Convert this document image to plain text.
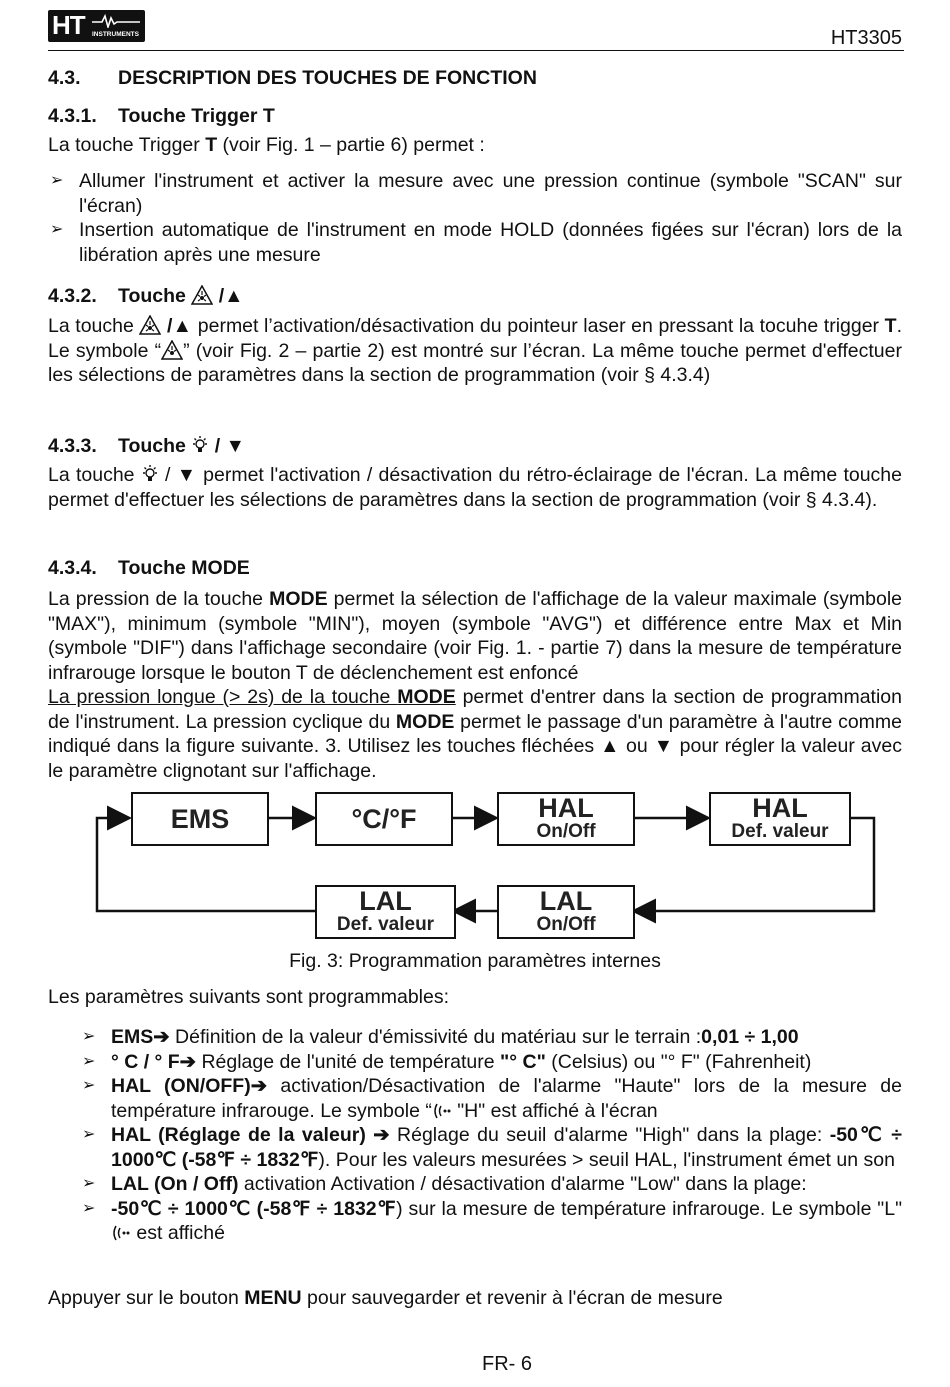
HT INSTRUMENTS	HT3305
4.3. DESCRIPTION DES TOUCHES DE FONCTION
4.3.1. Touche Trigger T

La touche Trigger T (voir Fig. 1 – partie 6) permet :

➢ Allumer l'instrument et activer la mesure avec une pression continue (symbole "SCAN" sur l'écran)
➢ Insertion automatique de l'instrument en mode HOLD (données figées sur l'écran) lors de la libération après une mesure
4.3.2. Touche  /▲

La touche  /▲ permet l’activation/désactivation du pointeur laser en pressant la tocuhe trigger T. Le symbole “ ” (voir Fig. 2 – partie 2) est montré sur l’écran. La même touche permet d'effectuer les sélections de paramètres dans la section de programmation (voir § 4.3.4)

4.3.3. Touche  / ▼

La touche  / ▼ permet l'activation / désactivation du rétro-éclairage de l'écran. La même touche permet d'effectuer les sélections de paramètres dans la section de programmation (voir § 4.3.4).

4.3.4. Touche MODE

La pression de la touche MODE permet la sélection de l'affichage de la valeur maximale (symbole "MAX"), minimum (symbole "MIN"), moyen (symbole "AVG") et différence entre Max et Min (symbole "DIF") dans l'affichage secondaire (voir Fig. 1. - partie 7) dans la mesure de température infrarouge lorsque le bouton T de déclenchement est enfoncé
La pression longue (> 2s) de la touche MODE permet d'entrer dans la section de programmation de l'instrument. La pression cyclique du MODE permet le passage d'un paramètre à l'autre comme indiqué dans la figure suivante. 3. Utilisez les touches fléchées ▲ ou ▼ pour régler la valeur avec le paramètre clignotant sur l'affichage.

EMS	°C/°F	HAL
On/Off
HAL
Def. valeur
LAL
On/Off
LAL
Def. valeur
Fig. 3: Programmation paramètres internes

Les paramètres suivants sont programmables:

➢ EMS➔ Définition de la valeur d'émissivité du matériau sur le terrain :0,01 ÷ 1,00
➢ ° C / ° F➔ Réglage de l'unité de température "° C" (Celsius) ou "° F" (Fahrenheit)
➢ HAL (ON/OFF)➔ activation/Désactivation de l'alarme "Haute" lors de la mesure de température infrarouge. Le symbole “ "H" est affiché à l'écran
➢ HAL (Réglage de la valeur) ➔ Réglage du seuil d'alarme "High" dans la plage: -50℃ ÷ 1000℃ (-58℉ ÷ 1832℉). Pour les valeurs mesurées > seuil HAL, l'instrument émet un son
➢ LAL (On / Off) activation Activation / désactivation d'alarme "Low" dans la plage:
➢ -50℃ ÷ 1000℃ (-58℉ ÷ 1832℉) sur la mesure de température infrarouge. Le symbole "L" est affiché

Appuyer sur le bouton MENU pour sauvegarder et revenir à l'écran de mesure

FR- 6
